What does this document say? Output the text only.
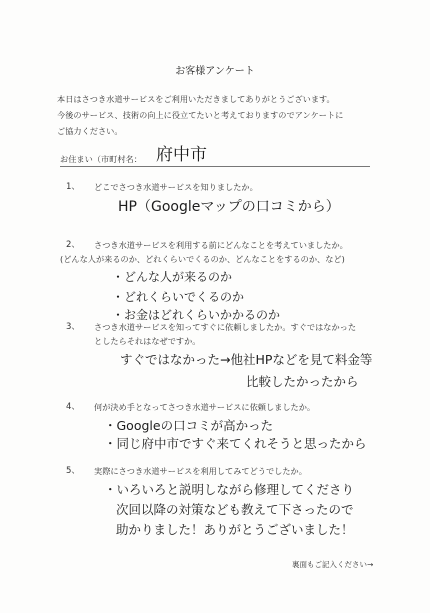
お客様アンケート
本日はさつき水道サービスをご利用いただきましてありがとうございます。
今後のサービス、技術の向上に役立てたいと考えておりますのでアンケートに
ご協力ください。
お住まい（市町村名： 府中市
1、 どこでさつき水道サービスを知りましたか。
HP（Googleマップの口コミから）
2、 さつき水道サービスを利用する前にどんなことを考えていましたか。
(どんな人が来るのか、どれくらいでくるのか、どんなことをするのか、など)
・どんな人が来るのか
・どれくらいでくるのか
・お金はどれくらいかかるのか
3、 さつき水道サービスを知ってすぐに依頼しましたか。すぐではなかった
としたらそれはなぜですか。
すぐではなかった→他社HPなどを見て料金等
比較したかったから
4、 何が決め手となってさつき水道サービスに依頼しましたか。
・Googleの口コミが高かった
・同じ府中市ですぐ来てくれそうと思ったから
5、 実際にさつき水道サービスを利用してみてどうでしたか。
・いろいろと説明しながら修理してくださり
次回以降の対策なども教えて下さったので
助かりました！ありがとうございました！
裏面もご記入ください→
